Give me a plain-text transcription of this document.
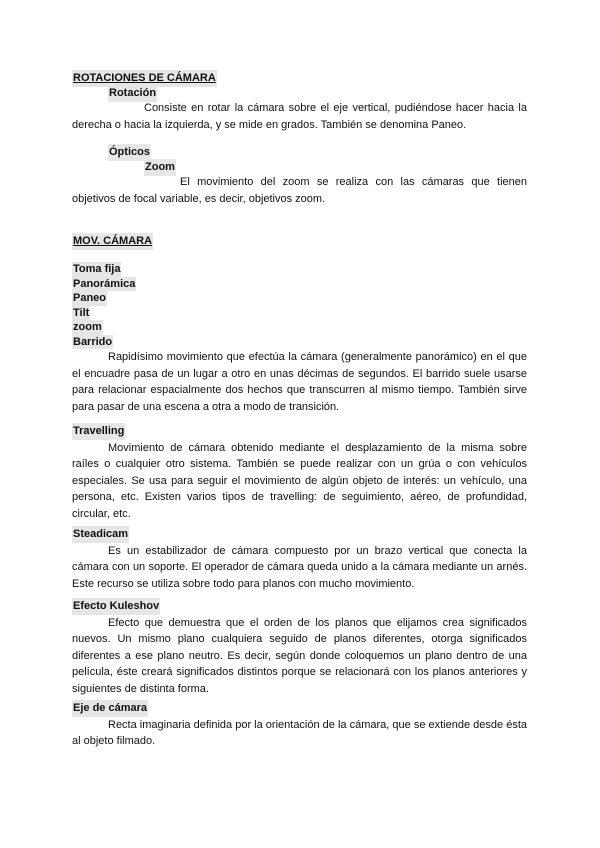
ROTACIONES DE CÁMARA
Rotación

Consiste en rotar la cámara sobre el eje vertical, pudiéndose hacer hacia la derecha o hacia la izquierda, y se mide en grados. También se denomina Paneo.

Ópticos
Zoom

El movimiento del zoom se realiza con las cámaras que tienen objetivos de focal variable, es decir, objetivos zoom.

MOV. CÁMARA
Toma fija
Panorámica
Paneo
Tilt
zoom
Barrido

Rapidísimo movimiento que efectúa la cámara (generalmente panorámico) en el que el encuadre pasa de un lugar a otro en unas décimas de segundos. El barrido suele usarse para relacionar espacialmente dos hechos que transcurren al mismo tiempo. También sirve para pasar de una escena a otra a modo de transición.

Travelling

Movimiento de cámara obtenido mediante el desplazamiento de la misma sobre raíles o cualquier otro sistema. También se puede realizar con un grúa o con vehículos especiales. Se usa para seguir el movimiento de algún objeto de interés: un vehículo, una persona, etc. Existen varios tipos de travelling: de seguimiento, aéreo, de profundidad, circular, etc.

Steadicam

Es un estabilizador de cámara compuesto por un brazo vertical que conecta la cámara con un soporte. El operador de cámara queda unido a la cámara mediante un arnés. Este recurso se utiliza sobre todo para planos con mucho movimiento.

Efecto Kuleshov

Efecto que demuestra que el orden de los planos que elijamos crea significados nuevos. Un mismo plano cualquiera seguido de planos diferentes, otorga significados diferentes a ese plano neutro. Es decir, según donde coloquemos un plano dentro de una película, éste creará significados distintos porque se relacionará con los planos anteriores y siguientes de distinta forma.

Eje de cámara

Recta imaginaria definida por la orientación de la cámara, que se extiende desde ésta al objeto filmado.
